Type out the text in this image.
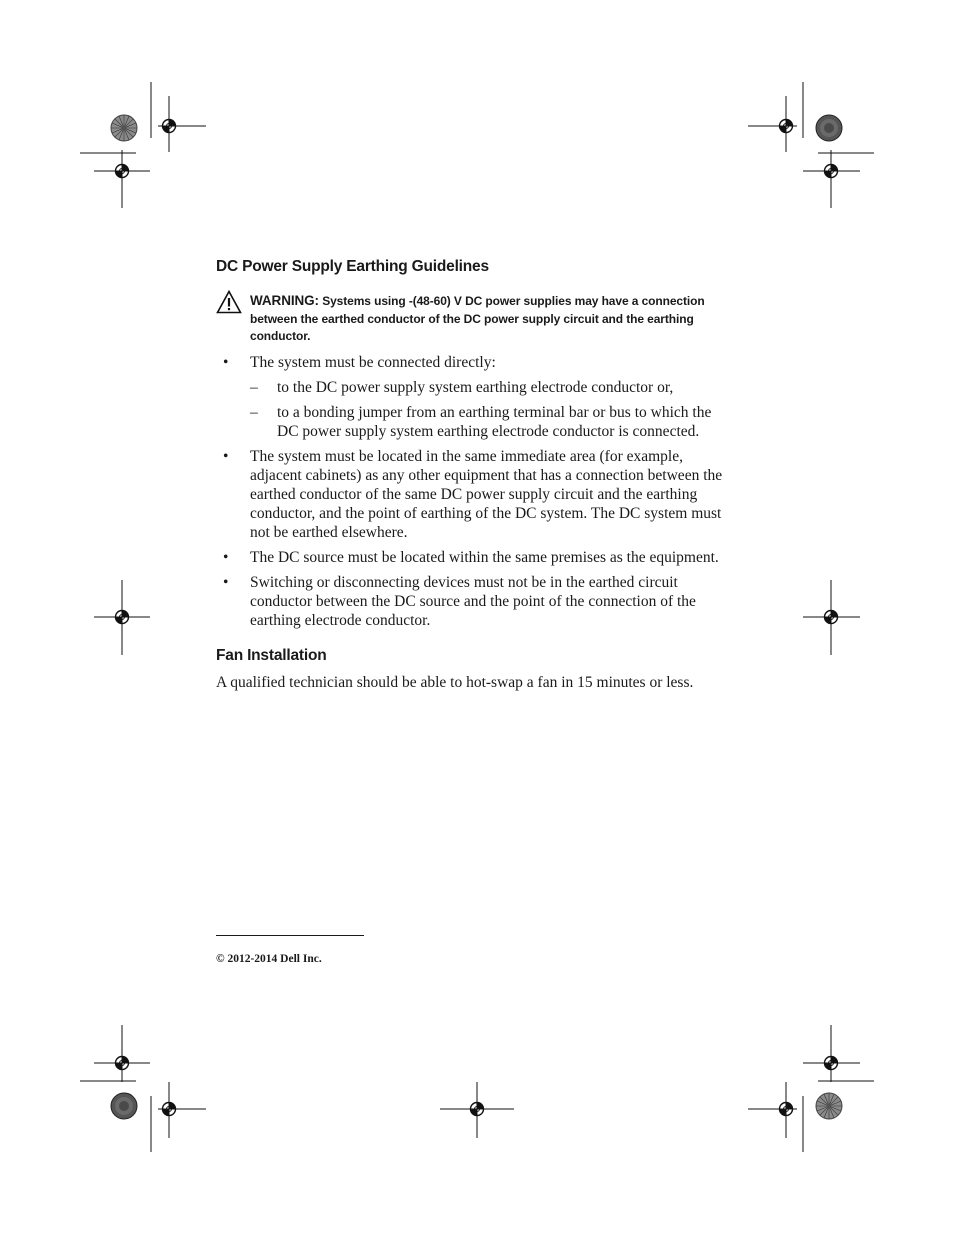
DC Power Supply Earthing Guidelines
WARNING: Systems using -(48-60) V DC power supplies may have a connection between the earthed conductor of the DC power supply circuit and the earthing conductor.
• The system must be connected directly:
– to the DC power supply system earthing electrode conductor or,
– to a bonding jumper from an earthing terminal bar or bus to which the DC power supply system earthing electrode conductor is connected.
• The system must be located in the same immediate area (for example, adjacent cabinets) as any other equipment that has a connection between the earthed conductor of the same DC power supply circuit and the earthing conductor, and the point of earthing of the DC system. The DC system must not be earthed elsewhere.
• The DC source must be located within the same premises as the equipment.
• Switching or disconnecting devices must not be in the earthed circuit conductor between the DC source and the point of the connection of the earthing electrode conductor.
Fan Installation

A qualified technician should be able to hot-swap a fan in 15 minutes or less.

© 2012-2014 Dell Inc.
